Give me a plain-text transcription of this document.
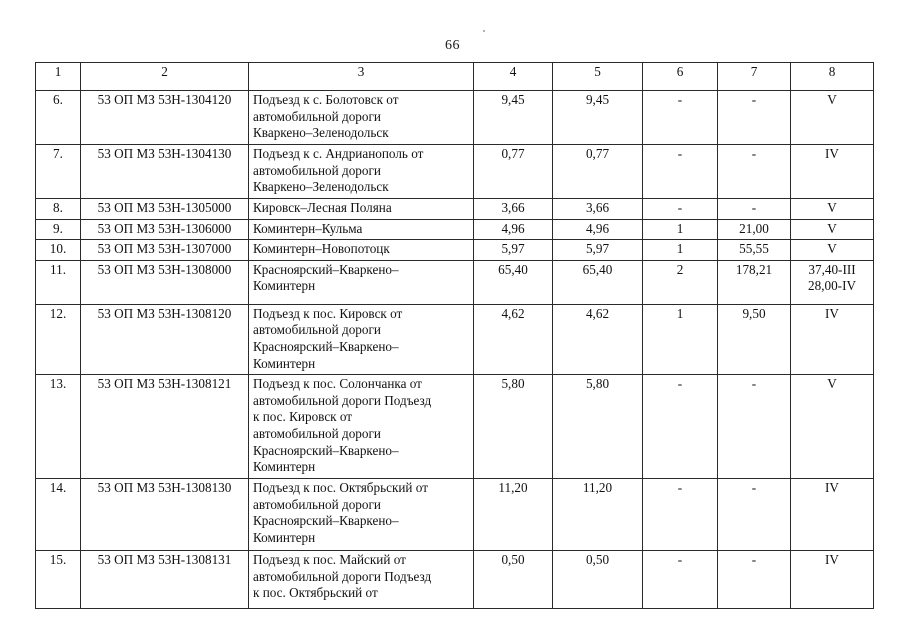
66
1	2	3	4	5	6	7	8
6.	53 ОП МЗ 53Н-1304120	Подъезд к с. Болотовск от
автомобильной дороги
Кваркено–Зеленодольск	9,45	9,45	-	-	V

7.	53 ОП МЗ 53Н-1304130	Подъезд к с. Андрианополь от
автомобильной дороги
Кваркено–Зеленодольск	0,77	0,77	-	-	IV

8.	53 ОП МЗ 53Н-1305000	Кировск–Лесная Поляна	3,66	3,66	-	-	V

9.	53 ОП МЗ 53Н-1306000	Коминтерн–Кульма	4,96	4,96	1	21,00	V

10.	53 ОП МЗ 53Н-1307000	Коминтерн–Новопотоцк	5,97	5,97	1	55,55	V

11.	53 ОП МЗ 53Н-1308000	Красноярский–Кваркено–
Коминтерн	65,40	65,40	2	178,21	37,40-III
28,00-IV

12.	53 ОП МЗ 53Н-1308120	Подъезд к пос. Кировск от
автомобильной дороги
Красноярский–Кваркено–
Коминтерн	4,62	4,62	1	9,50	IV

13.	53 ОП МЗ 53Н-1308121	Подъезд к пос. Солончанка от
автомобильной дороги Подъезд
к пос. Кировск от
автомобильной дороги
Красноярский–Кваркено–
Коминтерн
	5,80	5,80	-	-	V

14.	53 ОП МЗ 53Н-1308130	Подъезд к пос. Октябрьский от
автомобильной дороги
Красноярский–Кваркено–
Коминтерн	11,20	11,20	-	-	IV

15.	53 ОП МЗ 53Н-1308131	Подъезд к пос. Майский от
автомобильной дороги Подъезд
к пос. Октябрьский от	0,50	0,50	-	-	IV
